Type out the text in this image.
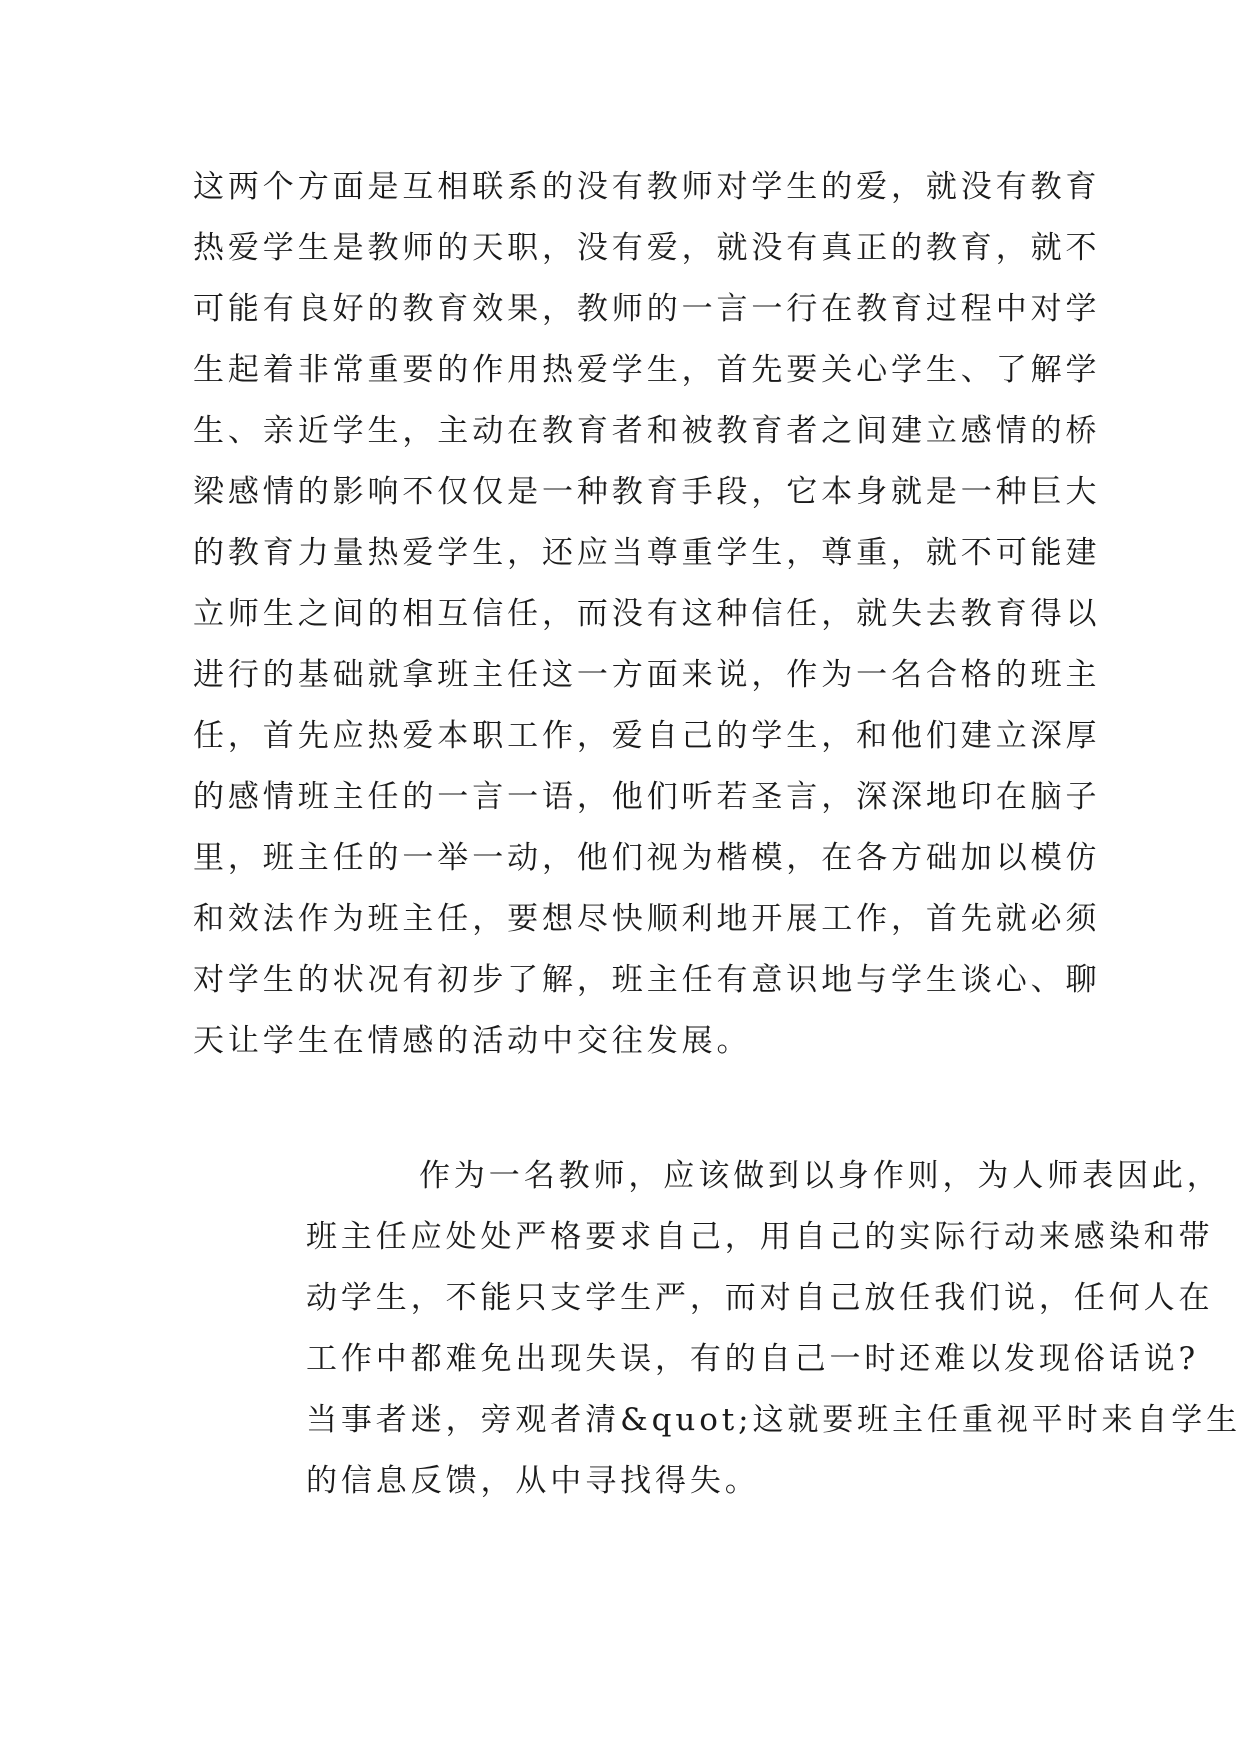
这两个方面是互相联系的没有教师对学生的爱，就没有教育
热爱学生是教师的天职，没有爱，就没有真正的教育，就不
可能有良好的教育效果，教师的一言一行在教育过程中对学
生起着非常重要的作用热爱学生，首先要关心学生、了解学
生、亲近学生，主动在教育者和被教育者之间建立感情的桥
梁感情的影响不仅仅是一种教育手段，它本身就是一种巨大
的教育力量热爱学生，还应当尊重学生，尊重，就不可能建
立师生之间的相互信任，而没有这种信任，就失去教育得以
进行的基础就拿班主任这一方面来说，作为一名合格的班主
任，首先应热爱本职工作，爱自己的学生，和他们建立深厚
的感情班主任的一言一语，他们听若圣言，深深地印在脑子
里，班主任的一举一动，他们视为楷模，在各方础加以模仿
和效法作为班主任，要想尽快顺利地开展工作，首先就必须
对学生的状况有初步了解，班主任有意识地与学生谈心、聊
天让学生在情感的活动中交往发展。
作为一名教师，应该做到以身作则，为人师表因此，
班主任应处处严格要求自己，用自己的实际行动来感染和带
动学生，不能只支学生严，而对自己放任我们说，任何人在
工作中都难免出现失误，有的自己一时还难以发现俗话说?
当事者迷，旁观者清&quot;这就要班主任重视平时来自学生
的信息反馈，从中寻找得失。
